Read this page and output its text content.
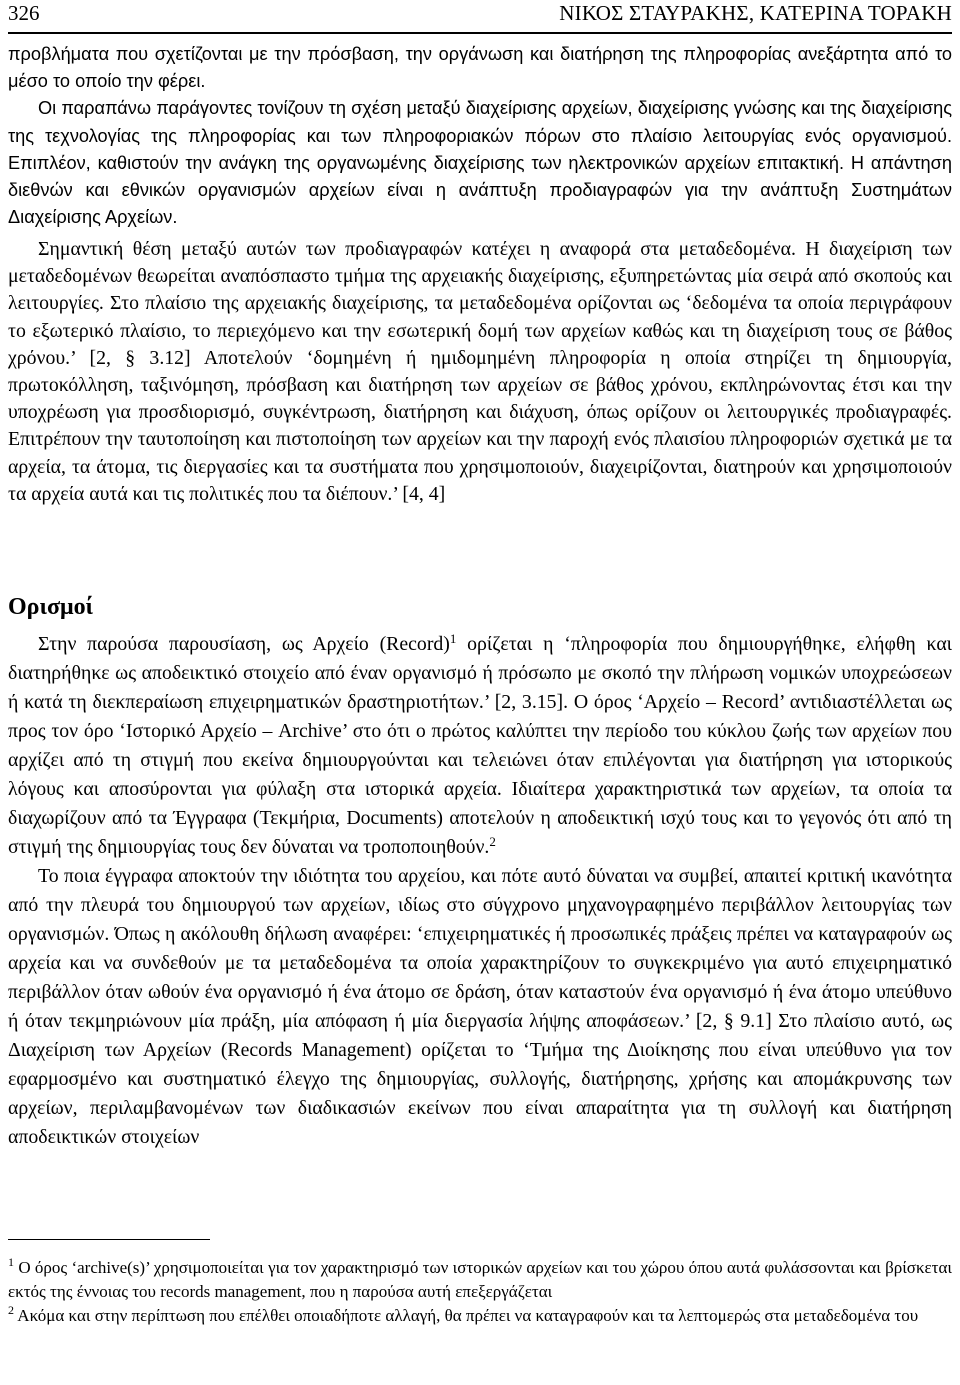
326	ΝΙΚΟΣ ΣΤΑΥΡΑΚΗΣ, ΚΑΤΕΡΙΝΑ ΤΟΡΑΚΗ

προβλήματα που σχετίζονται με την πρόσβαση, την οργάνωση και διατήρηση της πληροφορίας ανεξάρτητα από το μέσο το οποίο την φέρει.

Οι παραπάνω παράγοντες τονίζουν τη σχέση μεταξύ διαχείρισης αρχείων, διαχείρισης γνώσης και της διαχείρισης της τεχνολογίας της πληροφορίας και των πληροφοριακών πόρων στο πλαίσιο λειτουργίας ενός οργανισμού. Επιπλέον, καθιστούν την ανάγκη της οργανωμένης διαχείρισης των ηλεκτρονικών αρχείων επιτακτική. Η απάντηση διεθνών και εθνικών οργανισμών αρχείων είναι η ανάπτυξη προδιαγραφών για την ανάπτυξη Συστημάτων Διαχείρισης Αρχείων.

Σημαντική θέση μεταξύ αυτών των προδιαγραφών κατέχει η αναφορά στα μεταδεδομένα. Η διαχείριση των μεταδεδομένων θεωρείται αναπόσπαστο τμήμα της αρχειακής διαχείρισης, εξυπηρετώντας μία σειρά από σκοπούς και λειτουργίες. Στο πλαίσιο της αρχειακής διαχείρισης, τα μεταδεδομένα ορίζονται ως ‘δεδομένα τα οποία περιγράφουν το εξωτερικό πλαίσιο, το περιεχόμενο και την εσωτερική δομή των αρχείων καθώς και τη διαχείριση τους σε βάθος χρόνου.’ [2, § 3.12] Αποτελούν ‘δομημένη ή ημιδομημένη πληροφορία η οποία στηρίζει τη δημιουργία, πρωτοκόλληση, ταξινόμηση, πρόσβαση και διατήρηση των αρχείων σε βάθος χρόνου, εκπληρώνοντας έτσι και την υποχρέωση για προσδιορισμό, συγκέντρωση, διατήρηση και διάχυση, όπως ορίζουν οι λειτουργικές προδιαγραφές. Επιτρέπουν την ταυτοποίηση και πιστοποίηση των αρχείων και την παροχή ενός πλαισίου πληροφοριών σχετικά με τα αρχεία, τα άτομα, τις διεργασίες και τα συστήματα που χρησιμοποιούν, διαχειρίζονται, διατηρούν και χρησιμοποιούν τα αρχεία αυτά και τις πολιτικές που τα διέπουν.’ [4, 4]

Ορισμοί

Στην παρούσα παρουσίαση, ως Αρχείο (Record)$^1$ ορίζεται η ‘πληροφορία που δημιουργήθηκε, ελήφθη και διατηρήθηκε ως αποδεικτικό στοιχείο από έναν οργανισμό ή πρόσωπο με σκοπό την πλήρωση νομικών υποχρεώσεων ή κατά τη διεκπεραίωση επιχειρηματικών δραστηριοτήτων.’ [2, 3.15]. Ο όρος ‘Αρχείο – Record’ αντιδιαστέλλεται ως προς τον όρο ‘Ιστορικό Αρχείο – Archive’ στο ότι ο πρώτος καλύπτει την περίοδο του κύκλου ζωής των αρχείων που αρχίζει από τη στιγμή που εκείνα δημιουργούνται και τελειώνει όταν επιλέγονται για διατήρηση για ιστορικούς λόγους και αποσύρονται για φύλαξη στα ιστορικά αρχεία. Ιδιαίτερα χαρακτηριστικά των αρχείων, τα οποία τα διαχωρίζουν από τα Έγγραφα (Τεκμήρια, Documents) αποτελούν η αποδεικτική ισχύ τους και το γεγονός ότι από τη στιγμή της δημιουργίας τους δεν δύναται να τροποποιηθούν.$^2$

Το ποια έγγραφα αποκτούν την ιδιότητα του αρχείου, και πότε αυτό δύναται να συμβεί, απαιτεί κριτική ικανότητα από την πλευρά του δημιουργού των αρχείων, ιδίως στο σύγχρονο μηχανογραφημένο περιβάλλον λειτουργίας των οργανισμών. Όπως η ακόλουθη δήλωση αναφέρει: ‘επιχειρηματικές ή προσωπικές πράξεις πρέπει να καταγραφούν ως αρχεία και να συνδεθούν με τα μεταδεδομένα τα οποία χαρακτηρίζουν το συγκεκριμένο για αυτό επιχειρηματικό περιβάλλον όταν ωθούν ένα οργανισμό ή ένα άτομο σε δράση, όταν καταστούν ένα οργανισμό ή ένα άτομο υπεύθυνο ή όταν τεκμηριώνουν μία πράξη, μία απόφαση ή μία διεργασία λήψης αποφάσεων.’ [2, § 9.1] Στο πλαίσιο αυτό, ως Διαχείριση των Αρχείων (Records Management) ορίζεται το ‘Τμήμα της Διοίκησης που είναι υπεύθυνο για τον εφαρμοσμένο και συστηματικό έλεγχο της δημιουργίας, συλλογής, διατήρησης, χρήσης και απομάκρυνσης των αρχείων, περιλαμβανομένων των διαδικασιών εκείνων που είναι απαραίτητα για τη συλλογή και διατήρηση αποδεικτικών στοιχείων

$^1$ Ο όρος ‘archive(s)’ χρησιμοποιείται για τον χαρακτηρισμό των ιστορικών αρχείων και του χώρου όπου αυτά φυλάσσονται και βρίσκεται εκτός της έννοιας του records management, που η παρούσα αυτή επεξεργάζεται

$^2$ Ακόμα και στην περίπτωση που επέλθει οποιαδήποτε αλλαγή, θα πρέπει να καταγραφούν και τα λεπτομερώς στα μεταδεδομένα του
